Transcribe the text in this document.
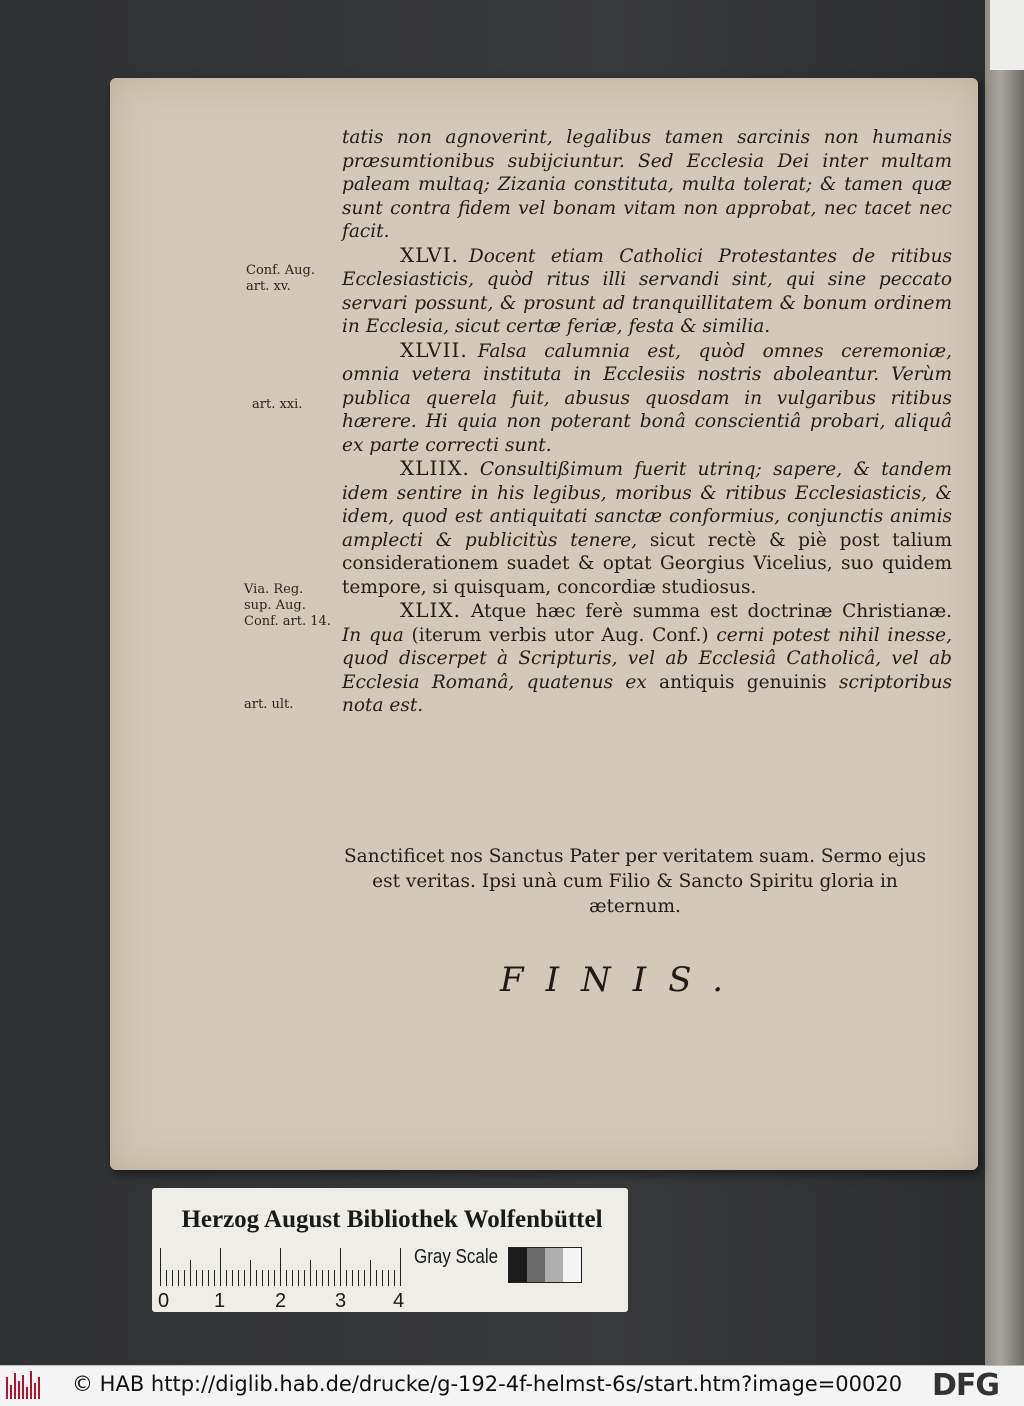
Conf. Aug.
art. xv.
art. xxi.
Via. Reg.
sup. Aug.
Conf. art. 14.
art. ult.

tatis non agnoverint, legalibus tamen sarcinis non humanis præsumtionibus subijciuntur. Sed Ecclesia Dei inter multam paleam multaq; Zizania constituta, multa tolerat; & tamen quæ sunt contra fidem vel bonam vitam non approbat, nec tacet nec facit.

XLVI. Docent etiam Catholici Protestantes de ritibus Ecclesiasticis, quòd ritus illi servandi sint, qui sine peccato servari possunt, & prosunt ad tranquillitatem & bonum ordinem in Ecclesia, sicut certæ feriæ, festa & similia.

XLVII. Falsa calumnia est, quòd omnes ceremoniæ, omnia vetera instituta in Ecclesiis nostris aboleantur. Verùm publica querela fuit, abusus quosdam in vulgaribus ritibus hærere. Hi quia non poterant bonâ conscientiâ probari, aliquâ ex parte correcti sunt.

XLIIX. Consultißimum fuerit utrinq; sapere, & tandem idem sentire in his legibus, moribus & ritibus Ecclesiasticis, & idem, quod est antiquitati sanctæ conformius, conjunctis animis amplecti & publicitùs tenere, sicut rectè & piè post talium considerationem suadet & optat Georgius Vicelius, suo quidem tempore, si quisquam, concordiæ studiosus.

XLIX. Atque hæc ferè summa est doctrinæ Christianæ. In qua (iterum verbis utor Aug. Conf.) cerni potest nihil inesse, quod discerpet à Scripturis, vel ab Ecclesiâ Catholicâ, vel ab Ecclesia Romanâ, quatenus ex antiquis genuinis scriptoribus nota est.

Sanctificet nos Sanctus Pater per veritatem suam. Sermo ejus est veritas. Ipsi unà cum Filio & Sancto Spiritu gloria in æternum.
FINIS.
Herzog August Bibliothek Wolfenbüttel
0 1 2 3 4
Gray Scale
© HAB http://diglib.hab.de/drucke/g-192-4f-helmst-6s/start.htm?image=00020 DFG
